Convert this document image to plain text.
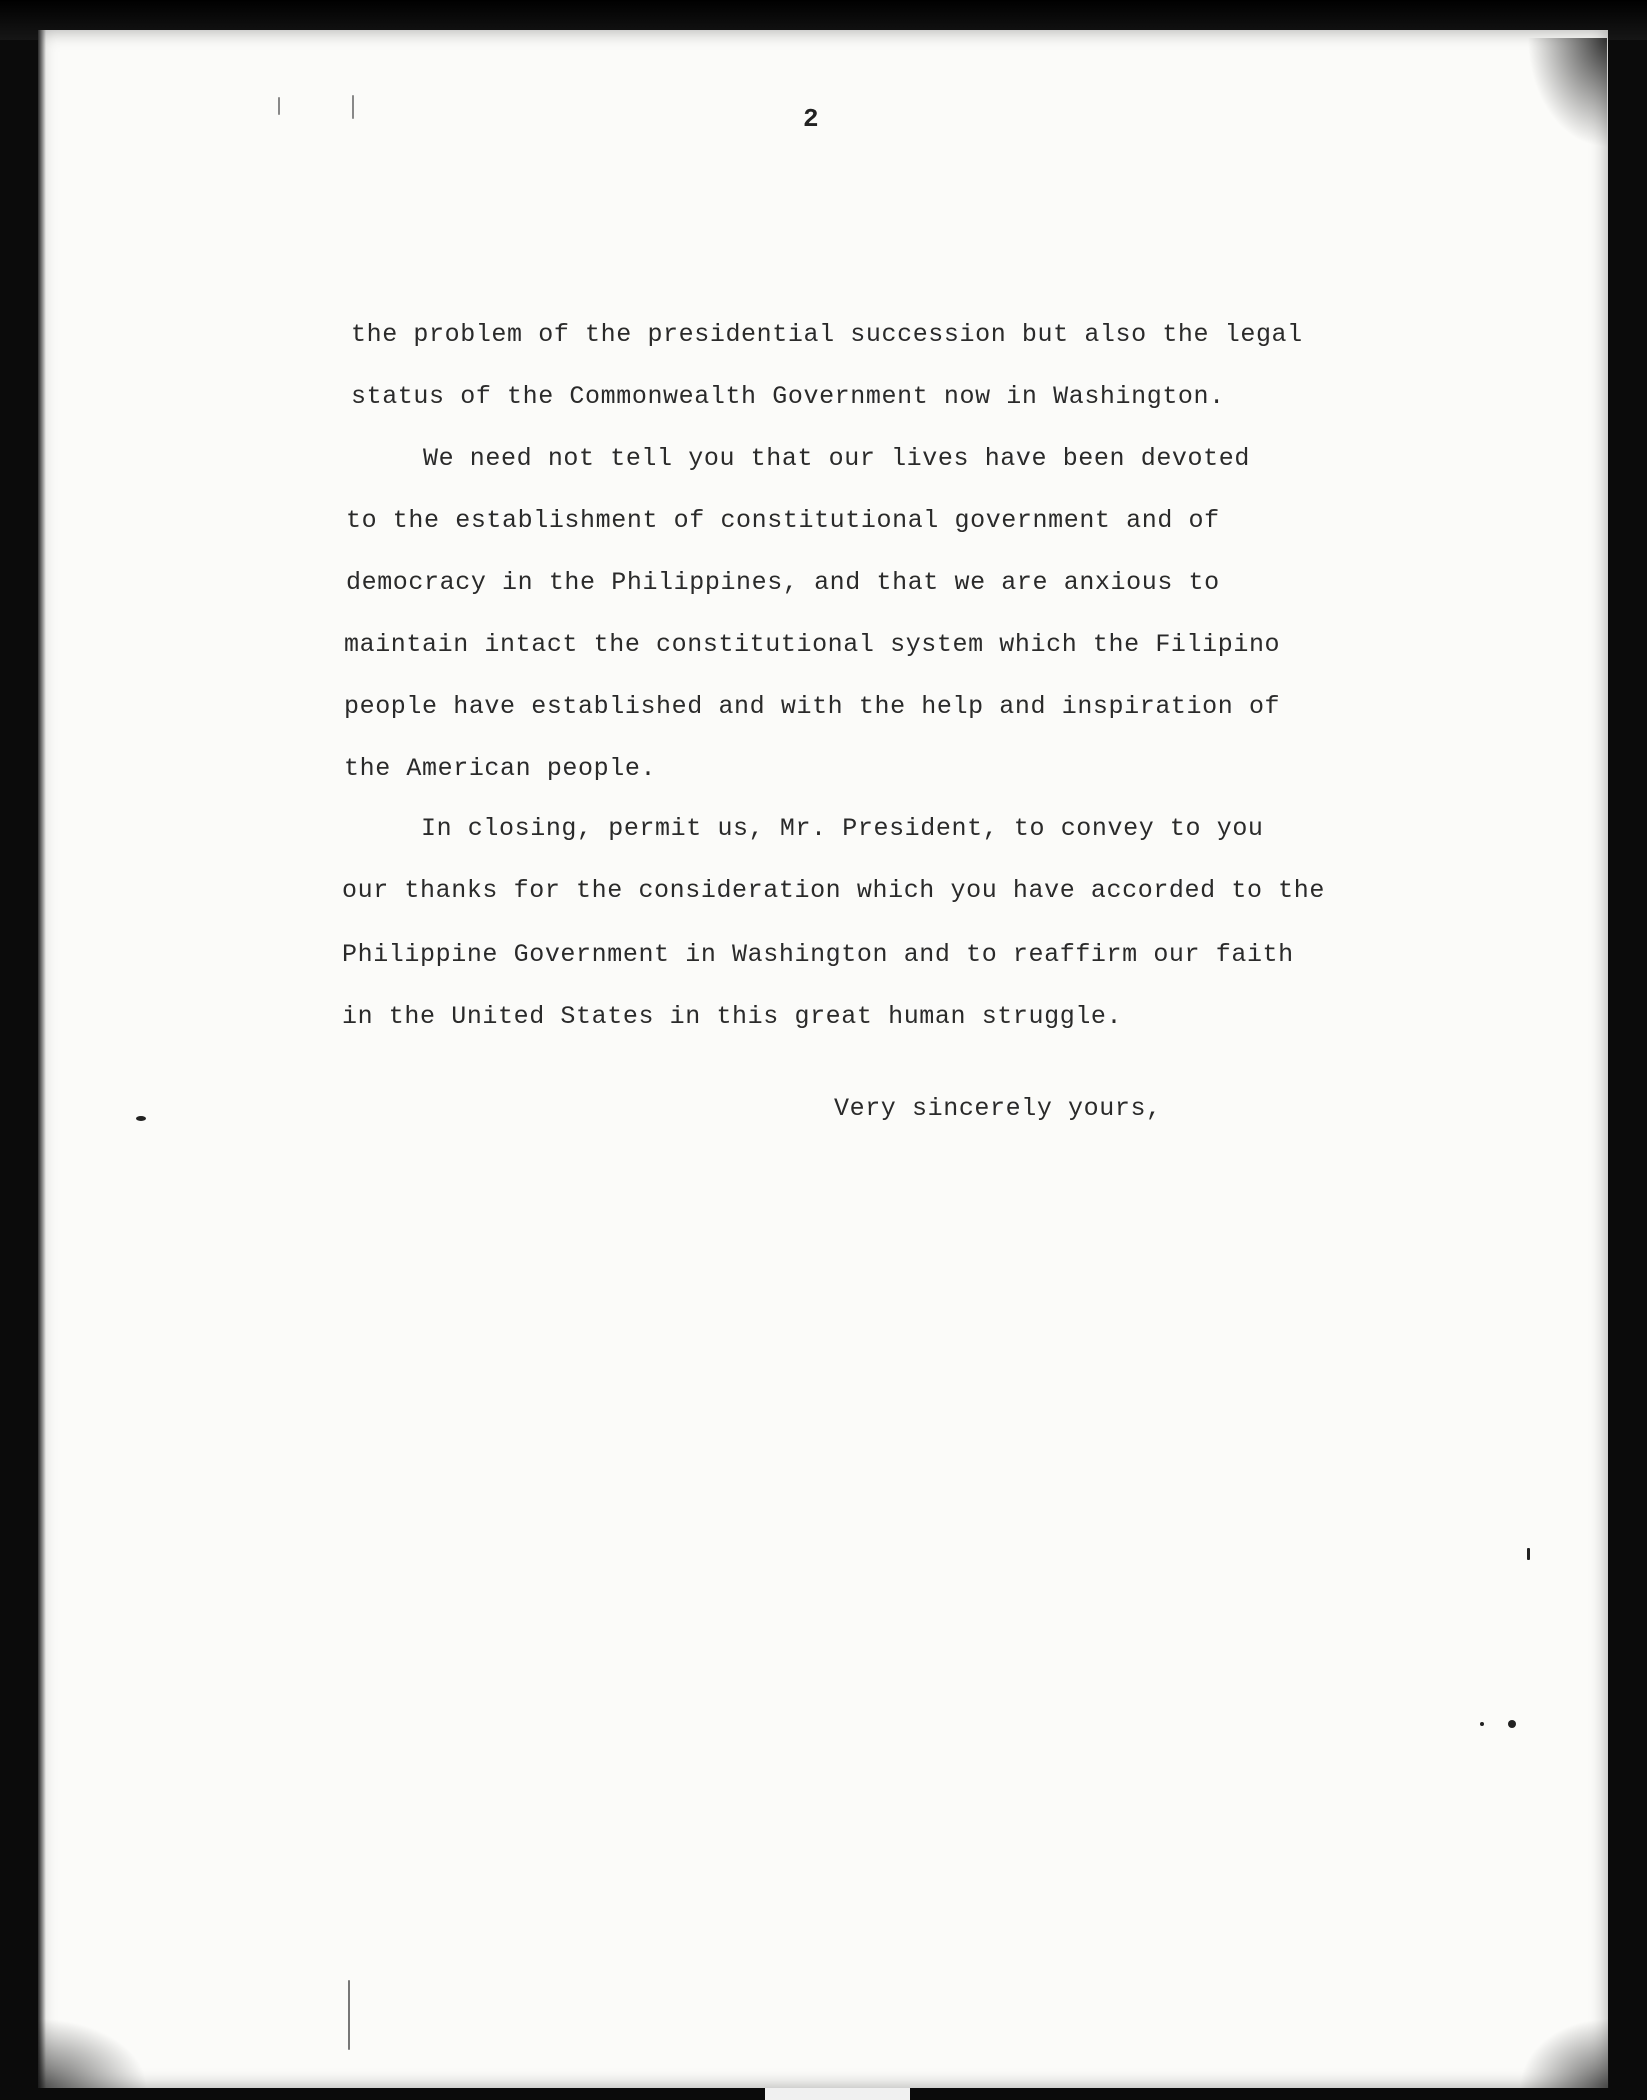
2
the problem of the presidential succession but also the legal
status of the Commonwealth Government now in Washington.
We need not tell you that our lives have been devoted
to the establishment of constitutional government and of
democracy in the Philippines, and that we are anxious to
maintain intact the constitutional system which the Filipino
people have established and with the help and inspiration of
the American people.
In closing, permit us, Mr. President, to convey to you
our thanks for the consideration which you have accorded to the
Philippine Government in Washington and to reaffirm our faith
in the United States in this great human struggle.
Very sincerely yours,
